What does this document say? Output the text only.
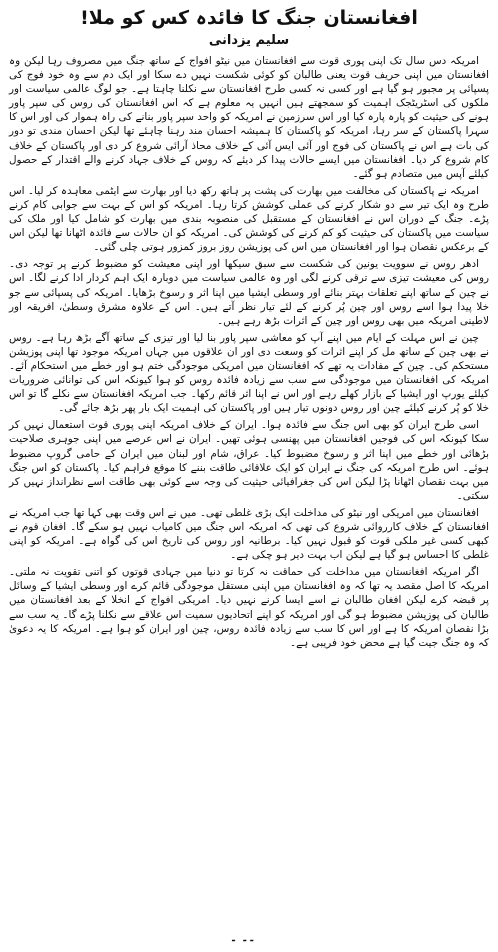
افغانستان جنگ کا فائدہ کس کو ملا!
سلیم یزدانی

امریکہ دس سال تک اپنی پوری قوت سے افغانستان میں نیٹو افواج کے ساتھ جنگ میں مصروف رہا لیکن وہ افغانستان میں اپنی حریف قوت یعنی طالبان کو کوئی شکست نہیں دے سکا اور ایک دم سے وہ خود فوج کی پسپائی پر مجبور ہو گیا ہے اور کسی نہ کسی طرح افغانستان سے نکلنا چاہتا ہے۔ جو لوگ عالمی سیاست اور ملکوں کی اسٹریٹجک اہمیت کو سمجھتے ہیں انہیں یہ معلوم ہے کہ اس افغانستان کی روس کی سپر پاور ہونے کی حیثیت کو پارہ پارہ کیا اور اس سرزمین نے امریکہ کو واحد سپر پاور بنانے کی راہ ہموار کی اور اس کا سہرا پاکستان کے سر رہا، امریکہ کو پاکستان کا ہمیشہ احسان مند رہنا چاہئے تھا لیکن احسان مندی تو دور کی بات ہے اس نے پاکستان کی فوج اور آئی ایس آئی کے خلاف محاذ آرائی شروع کر دی اور پاکستان کے خلاف کام شروع کر دیا۔ افغانستان میں ایسے حالات پیدا کر دیئے کہ روس کے خلاف جہاد کرنے والے اقتدار کے حصول کیلئے آپس میں متصادم ہو گئے۔

امریکہ نے پاکستان کی مخالفت میں بھارت کی پشت پر ہاتھ رکھ دیا اور بھارت سے ایٹمی معاہدہ کر لیا۔ اس طرح وہ ایک تیر سے دو شکار کرنے کی عملی کوشش کرتا رہا۔ امریکہ کو اس کے بہت سے جوابی کام کرنے پڑے۔ جنگ کے دوران اس نے افغانستان کے مستقبل کی منصوبہ بندی میں بھارت کو شامل کیا اور ملک کی سیاست میں پاکستان کی حیثیت کو کم کرنے کی کوشش کی۔ امریکہ کو ان حالات سے فائدہ اٹھانا تھا لیکن اس کے برعکس نقصان ہوا اور افغانستان میں اس کی پوزیشن روز بروز کمزور ہوتی چلی گئی۔

ادھر روس نے سوویت یونین کی شکست سے سبق سیکھا اور اپنی معیشت کو مضبوط کرنے پر توجہ دی۔ روس کی معیشت تیزی سے ترقی کرنے لگی اور وہ عالمی سیاست میں دوبارہ ایک اہم کردار ادا کرنے لگا۔ اس نے چین کے ساتھ اپنے تعلقات بہتر بنائے اور وسطی ایشیا میں اپنا اثر و رسوخ بڑھایا۔ امریکہ کی پسپائی سے جو خلا پیدا ہوا اسے روس اور چین پُر کرنے کے لئے تیار نظر آتے ہیں۔ اس کے علاوہ مشرق وسطیٰ، افریقہ اور لاطینی امریکہ میں بھی روس اور چین کے اثرات بڑھ رہے ہیں۔

چین نے اس مہلت کے ایام میں اپنے آپ کو معاشی سپر پاور بنا لیا اور تیزی کے ساتھ آگے بڑھ رہا ہے۔ روس نے بھی چین کے ساتھ مل کر اپنے اثرات کو وسعت دی اور ان علاقوں میں جہاں امریکہ موجود تھا اپنی پوزیشن مستحکم کی۔ چین کے مفادات یہ تھے کہ افغانستان میں امریکی موجودگی ختم ہو اور خطے میں استحکام آئے۔ امریکہ کی افغانستان میں موجودگی سے سب سے زیادہ فائدہ روس کو ہوا کیونکہ اس کی توانائی ضروریات کیلئے یورپ اور ایشیا کے بازار کھلے رہے اور اس نے اپنا اثر قائم رکھا۔ جب امریکہ افغانستان سے نکلے گا تو اس خلا کو پُر کرنے کیلئے چین اور روس دونوں تیار ہیں اور پاکستان کی اہمیت ایک بار پھر بڑھ جائے گی۔

اسی طرح ایران کو بھی اس جنگ سے فائدہ ہوا۔ ایران کے خلاف امریکہ اپنی پوری قوت استعمال نہیں کر سکا کیونکہ اس کی فوجیں افغانستان میں پھنسی ہوئی تھیں۔ ایران نے اس عرصے میں اپنی جوہری صلاحیت بڑھائی اور خطے میں اپنا اثر و رسوخ مضبوط کیا۔ عراق، شام اور لبنان میں ایران کے حامی گروپ مضبوط ہوئے۔ اس طرح امریکہ کی جنگ نے ایران کو ایک علاقائی طاقت بننے کا موقع فراہم کیا۔ پاکستان کو اس جنگ میں بہت نقصان اٹھانا پڑا لیکن اس کی جغرافیائی حیثیت کی وجہ سے کوئی بھی طاقت اسے نظرانداز نہیں کر سکتی۔

افغانستان میں امریکی اور نیٹو کی مداخلت ایک بڑی غلطی تھی۔ میں نے اس وقت بھی کہا تھا جب امریکہ نے افغانستان کے خلاف کارروائی شروع کی تھی کہ امریکہ اس جنگ میں کامیاب نہیں ہو سکے گا۔ افغان قوم نے کبھی کسی غیر ملکی قوت کو قبول نہیں کیا۔ برطانیہ اور روس کی تاریخ اس کی گواہ ہے۔ امریکہ کو اپنی غلطی کا احساس ہو گیا ہے لیکن اب بہت دیر ہو چکی ہے۔

اگر امریکہ افغانستان میں مداخلت کی حماقت نہ کرتا تو دنیا میں جہادی قوتوں کو اتنی تقویت نہ ملتی۔ امریکہ کا اصل مقصد یہ تھا کہ وہ افغانستان میں اپنی مستقل موجودگی قائم کرے اور وسطی ایشیا کے وسائل پر قبضہ کرے لیکن افغان طالبان نے اسے ایسا کرنے نہیں دیا۔ امریکی افواج کے انخلا کے بعد افغانستان میں طالبان کی پوزیشن مضبوط ہو گی اور امریکہ کو اپنے اتحادیوں سمیت اس علاقے سے نکلنا پڑے گا۔ یہ سب سے بڑا نقصان امریکہ کا ہے اور اس کا سب سے زیادہ فائدہ روس، چین اور ایران کو ہوا ہے۔ امریکہ کا یہ دعویٰ کہ وہ جنگ جیت گیا ہے محض خود فریبی ہے۔

۔۔ ۔
